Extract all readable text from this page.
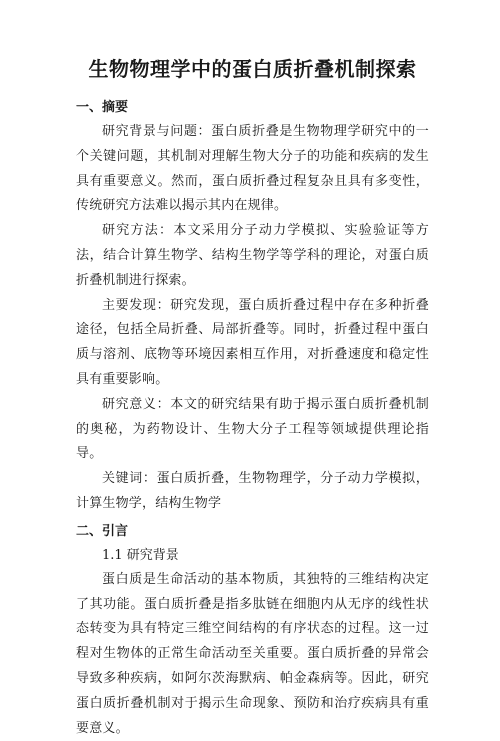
生物物理学中的蛋白质折叠机制探索
一、摘要

研究背景与问题：蛋白质折叠是生物物理学研究中的一个关键问题，其机制对理解生物大分子的功能和疾病的发生具有重要意义。然而，蛋白质折叠过程复杂且具有多变性，传统研究方法难以揭示其内在规律。

研究方法：本文采用分子动力学模拟、实验验证等方法，结合计算生物学、结构生物学等学科的理论，对蛋白质折叠机制进行探索。

主要发现：研究发现，蛋白质折叠过程中存在多种折叠途径，包括全局折叠、局部折叠等。同时，折叠过程中蛋白质与溶剂、底物等环境因素相互作用，对折叠速度和稳定性具有重要影响。

研究意义：本文的研究结果有助于揭示蛋白质折叠机制的奥秘，为药物设计、生物大分子工程等领域提供理论指导。

关键词：蛋白质折叠，生物物理学，分子动力学模拟，计算生物学，结构生物学

二、引言

1.1 研究背景

蛋白质是生命活动的基本物质，其独特的三维结构决定了其功能。蛋白质折叠是指多肽链在细胞内从无序的线性状态转变为具有特定三维空间结构的有序状态的过程。这一过程对生物体的正常生命活动至关重要。蛋白质折叠的异常会导致多种疾病，如阿尔茨海默病、帕金森病等。因此，研究蛋白质折叠机制对于揭示生命现象、预防和治疗疾病具有重要意义。
